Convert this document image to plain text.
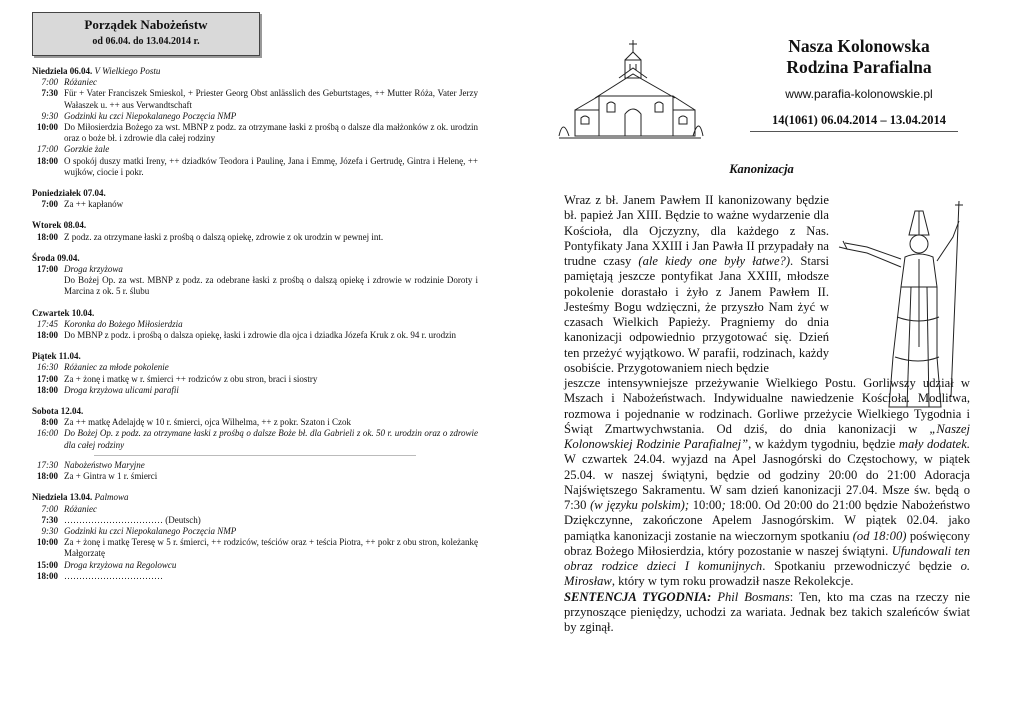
Porządek Nabożeństw
od 06.04. do 13.04.2014 r.
Niedziela 06.04. V Wielkiego Postu
7:00 Różaniec
7:30 Für + Vater Franciszek Smieskol, + Priester Georg Obst anlässlich des Geburtstages, ++ Mutter Róża, Vater Jerzy Wałaszek u. ++ aus Verwandtschaft
9:30 Godzinki ku czci Niepokalanego Poczęcia NMP
10:00 Do Miłosierdzia Bożego za wst. MBNP z podz. za otrzymane łaski z prośbą o dalsze dla małżonków z ok. urodzin oraz o boże bł. i zdrowie dla całej rodziny
17:00 Gorzkie żale
18:00 O spokój duszy matki Ireny, ++ dziadków Teodora i Paulinę, Jana i Emmę, Józefa i Gertrudę, Gintra i Helenę, ++ wujków, ciocie i pokr.
Poniedziałek 07.04.
7:00 Za ++ kapłanów
Wtorek 08.04.
18:00 Z podz. za otrzymane łaski z prośbą o dalszą opiekę, zdrowie z ok urodzin w pewnej int.
Środa 09.04.
17:00 Droga krzyżowa
Do Bożej Op. za wst. MBNP z podz. za odebrane łaski z prośbą o dalszą opiekę i zdrowie w rodzinie Doroty i Marcina z ok. 5 r. ślubu
Czwartek 10.04.
17:45 Koronka do Bożego Miłosierdzia
18:00 Do MBNP z podz. i prośbą o dalsza opiekę, łaski i zdrowie dla ojca i dziadka Józefa Kruk z ok. 94 r. urodzin
Piątek 11.04.
16:30 Różaniec za młode pokolenie
17:00 Za + żonę i matkę w r. śmierci ++ rodziców z obu stron, braci i siostry
18:00 Droga krzyżowa ulicami parafii
Sobota 12.04.
8:00 Za ++ matkę Adelajdę w 10 r. śmierci, ojca Wilhelma, ++ z pokr. Szaton i Czok
16:00 Do Bożej Op. z podz. za otrzymane łaski z prośbą o dalsze Boże bł. dla Gabrieli z ok. 50 r. urodzin oraz o zdrowie dla całej rodziny
17:30 Nabożeństwo Maryjne
18:00 Za + Gintra w 1 r. śmierci
Niedziela 13.04. Palmowa
7:00 Różaniec
7:30 …………………………… (Deutsch)
9:30 Godzinki ku czci Niepokalanego Poczęcia NMP
10:00 Za + żonę i matkę Teresę w 5 r. śmierci, ++ rodziców, teściów oraz + teścia Piotra, ++ pokr z obu stron, koleżankę Małgorzatę
15:00 Droga krzyżowa na Regolowcu
18:00 ……………………………
Nasza Kolonowska
Rodzina Parafialna
www.parafia-kolonowskie.pl
14(1061) 06.04.2014 – 13.04.2014
Kanonizacja

Wraz z bł. Janem Pawłem II kanonizowany będzie bł. papież Jan XIII. Będzie to ważne wydarzenie dla Kościoła, dla Ojczyzny, dla każdego z Nas. Pontyfikaty Jana XXIII i Jan Pawła II przypadały na trudne czasy (ale kiedy one były łatwe?). Starsi pamiętają jeszcze pontyfikat Jana XXIII, młodsze pokolenie dorastało i żyło z Janem Pawłem II. Jesteśmy Bogu wdzięczni, że przyszło Nam żyć w czasach Wielkich Papieży. Pragniemy do dnia kanonizacji odpowiednio przygotować się. Dzień ten przeżyć wyjątkowo. W parafii, rodzinach, każdy osobiście. Przygotowaniem niech będzie

jeszcze intensywniejsze przeżywanie Wielkiego Postu. Gorliwszy udział w Mszach i Nabożeństwach. Indywidualne nawiedzenie Kościoła. Modlitwa, rozmowa i pojednanie w rodzinach. Gorliwe przeżycie Wielkiego Tygodnia i Świąt Zmartwychwstania. Od dziś, do dnia kanonizacji w „Naszej Kolonowskiej Rodzinie Parafialnej”, w każdym tygodniu, będzie mały dodatek. W czwartek 24.04. wyjazd na Apel Jasnogórski do Częstochowy, w piątek 25.04. w naszej świątyni, będzie od godziny 20:00 do 21:00 Adoracja Najświętszego Sakramentu. W sam dzień kanonizacji 27.04. Msze św. będą o 7:30 (w języku polskim); 10:00; 18:00. Od 20:00 do 21:00 będzie Nabożeństwo Dziękczynne, zakończone Apelem Jasnogórskim. W piątek 02.04. jako pamiątka kanonizacji zostanie na wieczornym spotkaniu (od 18:00) poświęcony obraz Bożego Miłosierdzia, który pozostanie w naszej świątyni. Ufundowali ten obraz rodzice dzieci I komunijnych. Spotkaniu przewodniczyć będzie o. Mirosław, który w tym roku prowadził nasze Rekolekcje.

SENTENCJA TYGODNIA: Phil Bosmans: Ten, kto ma czas na rzeczy nie przynoszące pieniędzy, uchodzi za wariata. Jednak bez takich szaleńców świat by zginął.
